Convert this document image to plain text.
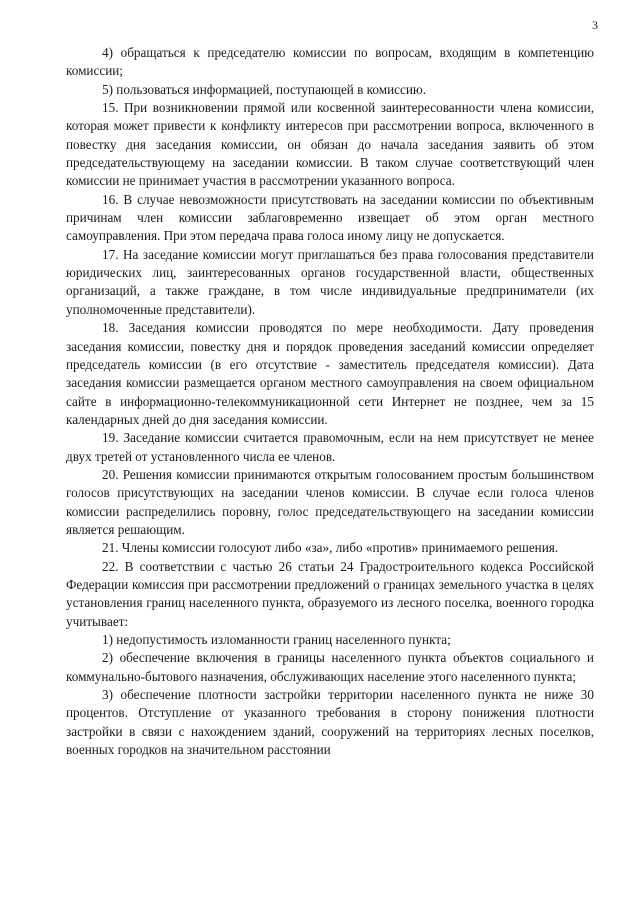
3

4) обращаться к председателю комиссии по вопросам, входящим в компетенцию комиссии;

5) пользоваться информацией, поступающей в комиссию.

15. При возникновении прямой или косвенной заинтересованности члена комиссии, которая может привести к конфликту интересов при рассмотрении вопроса, включенного в повестку дня заседания комиссии, он обязан до начала заседания заявить об этом председательствующему на заседании комиссии. В таком случае соответствующий член комиссии не принимает участия в рассмотрении указанного вопроса.

16. В случае невозможности присутствовать на заседании комиссии по объективным причинам член комиссии заблаговременно извещает об этом орган местного самоуправления. При этом передача права голоса иному лицу не допускается.

17. На заседание комиссии могут приглашаться без права голосования представители юридических лиц, заинтересованных органов государственной власти, общественных организаций, а также граждане, в том числе индивидуальные предприниматели (их уполномоченные представители).

18. Заседания комиссии проводятся по мере необходимости. Дату проведения заседания комиссии, повестку дня и порядок проведения заседаний комиссии определяет председатель комиссии (в его отсутствие - заместитель председателя комиссии). Дата заседания комиссии размещается органом местного самоуправления на своем официальном сайте в информационно-телекоммуникационной сети Интернет не позднее, чем за 15 календарных дней до дня заседания комиссии.

19. Заседание комиссии считается правомочным, если на нем присутствует не менее двух третей от установленного числа ее членов.

20. Решения комиссии принимаются открытым голосованием простым большинством голосов присутствующих на заседании членов комиссии. В случае если голоса членов комиссии распределились поровну, голос председательствующего на заседании комиссии является решающим.

21. Члены комиссии голосуют либо «за», либо «против» принимаемого решения.

22. В соответствии с частью 26 статьи 24 Градостроительного кодекса Российской Федерации комиссия при рассмотрении предложений о границах земельного участка в целях установления границ населенного пункта, образуемого из лесного поселка, военного городка учитывает:

1) недопустимость изломанности границ населенного пункта;

2) обеспечение включения в границы населенного пункта объектов социального и коммунально-бытового назначения, обслуживающих население этого населенного пункта;

3) обеспечение плотности застройки территории населенного пункта не ниже 30 процентов. Отступление от указанного требования в сторону понижения плотности застройки в связи с нахождением зданий, сооружений на территориях лесных поселков, военных городков на значительном расстоянии
